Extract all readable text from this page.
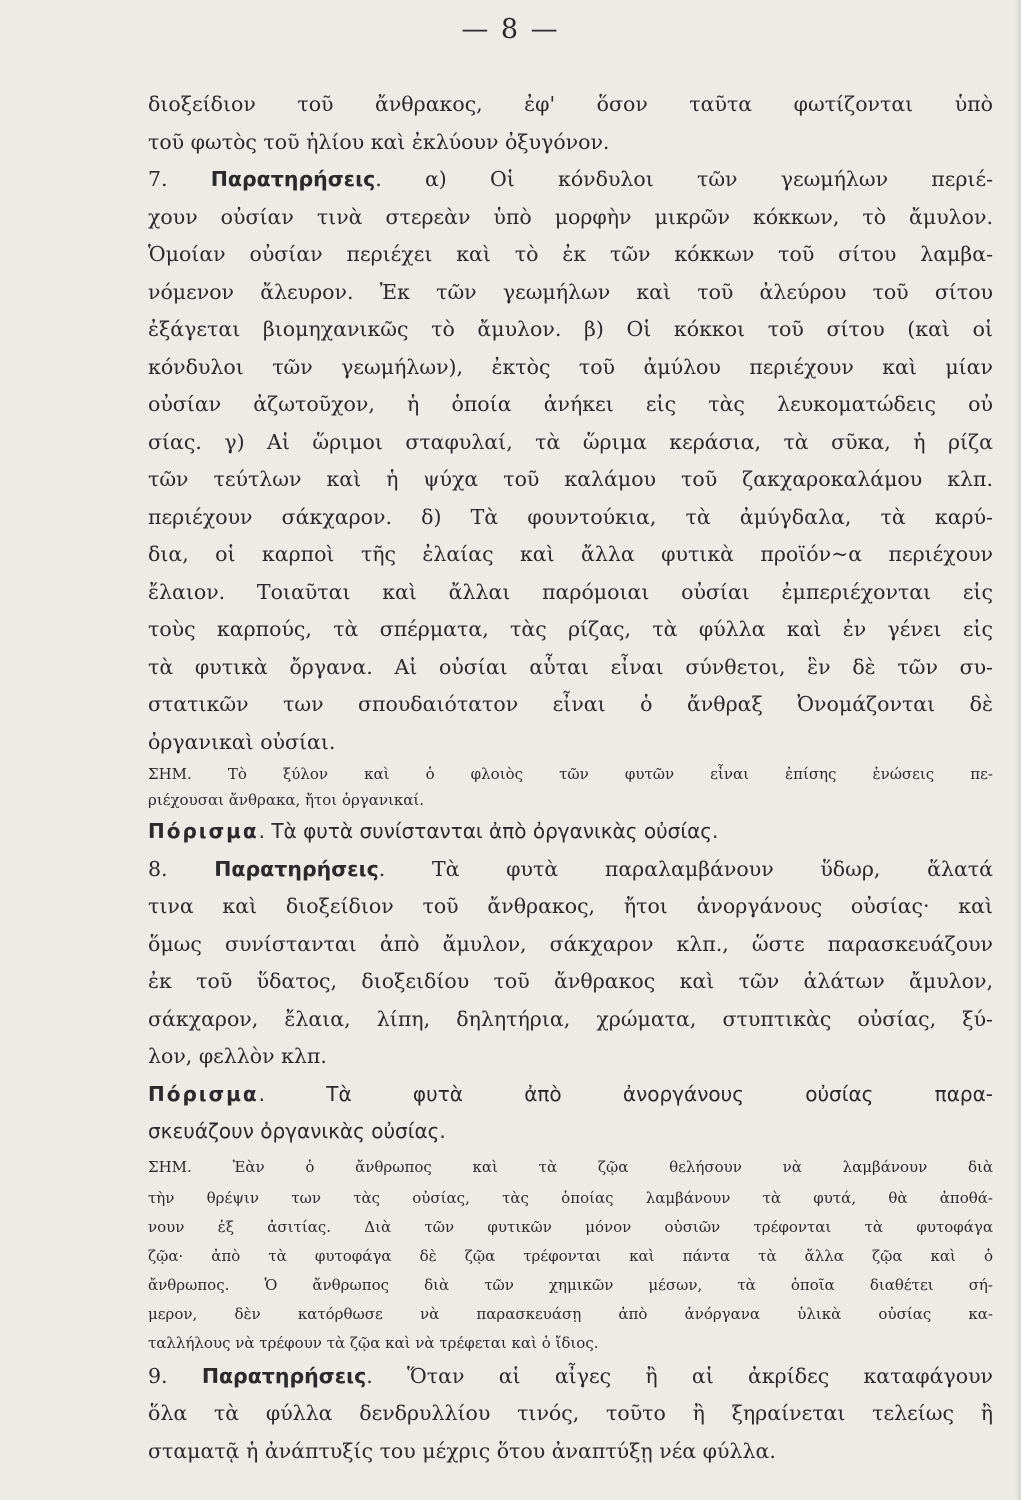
— 8 —
διοξείδιον τοῦ ἄνθρακος, ἐφ' ὅσον ταῦτα φωτίζονται ὑπὸ
τοῦ φωτὸς τοῦ ἡλίου καὶ ἐκλύουν ὀξυγόνον.
7. Παρατηρήσεις. α) Οἱ κόνδυλοι τῶν γεωμήλων περιέ-
χουν οὐσίαν τινὰ στερεὰν ὑπὸ μορφὴν μικρῶν κόκκων, τὸ ἄμυλον.
Ὁμοίαν οὐσίαν περιέχει καὶ τὸ ἐκ τῶν κόκκων τοῦ σίτου λαμβα-
νόμενον ἄλευρον. Ἐκ τῶν γεωμήλων καὶ τοῦ ἀλεύρου τοῦ σίτου
ἐξάγεται βιομηχανικῶς τὸ ἄμυλον. β) Οἱ κόκκοι τοῦ σίτου (καὶ οἱ
κόνδυλοι τῶν γεωμήλων), ἐκτὸς τοῦ ἀμύλου περιέχουν καὶ μίαν
οὐσίαν ἀζωτοῦχον, ἡ ὁποία ἀνήκει εἰς τὰς λευκοματώδεις οὐ
σίας. γ) Αἱ ὥριμοι σταφυλαί, τὰ ὥριμα κεράσια, τὰ σῦκα, ἡ ρίζα
τῶν τεύτλων καὶ ἡ ψύχα τοῦ καλάμου τοῦ ζακχαροκαλάμου κλπ.
περιέχουν σάκχαρον. δ) Τὰ φουντούκια, τὰ ἀμύγδαλα, τὰ καρύ-
δια, οἱ καρποὶ τῆς ἐλαίας καὶ ἄλλα φυτικὰ προϊόν~α περιέχουν
ἔλαιον. Τοιαῦται καὶ ἄλλαι παρόμοιαι οὐσίαι ἐμπεριέχονται εἰς
τοὺς καρπούς, τὰ σπέρματα, τὰς ρίζας, τὰ φύλλα καὶ ἐν γένει εἰς
τὰ φυτικὰ ὄργανα. Αἱ οὐσίαι αὗται εἶναι σύνθετοι, ἓν δὲ τῶν συ-
στατικῶν των σπουδαιότατον εἶναι ὁ ἄνθραξ Ὀνομάζονται δὲ
ὀργανικαὶ οὐσίαι.
ΣΗΜ. Τὸ ξύλον καὶ ὁ φλοιὸς τῶν φυτῶν εἶναι ἐπίσης ἑνώσεις πε-
ριέχουσαι ἄνθρακα, ἤτοι ὀργανικαί.
Πόρισμα. Τὰ φυτὰ συνίστανται ἀπὸ ὀργανικὰς οὐσίας.
8. Παρατηρήσεις. Τὰ φυτὰ παραλαμβάνουν ὕδωρ, ἅλατά
τινα καὶ διοξείδιον τοῦ ἄνθρακος, ἤτοι ἀνοργάνους οὐσίας· καὶ
ὅμως συνίστανται ἀπὸ ἄμυλον, σάκχαρον κλπ., ὥστε παρασκευάζουν
ἐκ τοῦ ὕδατος, διοξειδίου τοῦ ἄνθρακος καὶ τῶν ἁλάτων ἄμυλον,
σάκχαρον, ἔλαια, λίπη, δηλητήρια, χρώματα, στυπτικὰς οὐσίας, ξύ-
λον, φελλὸν κλπ.
Πόρισμα. Τὰ φυτὰ ἀπὸ ἀνοργάνους οὐσίας παρα-
σκευάζουν ὀργανικὰς οὐσίας.
ΣΗΜ. Ἐὰν ὁ ἄνθρωπος καὶ τὰ ζῷα θελήσουν νὰ λαμβάνουν διὰ
τὴν θρέψιν των τὰς οὐσίας, τὰς ὁποίας λαμβάνουν τὰ φυτά, θὰ ἀποθά-
νουν ἐξ ἀσιτίας. Διὰ τῶν φυτικῶν μόνον οὐσιῶν τρέφονται τὰ φυτοφάγα
ζῷα· ἀπὸ τὰ φυτοφάγα δὲ ζῷα τρέφονται καὶ πάντα τὰ ἄλλα ζῷα καὶ ὁ
ἄνθρωπος. Ὁ ἄνθρωπος διὰ τῶν χημικῶν μέσων, τὰ ὁποῖα διαθέτει σή-
μερον, δὲν κατόρθωσε νὰ παρασκευάσῃ ἀπὸ ἀνόργανα ὑλικὰ οὐσίας κα-
ταλλήλους νὰ τρέφουν τὰ ζῷα καὶ νὰ τρέφεται καὶ ὁ ἴδιος.
9. Παρατηρήσεις. Ὅταν αἱ αἶγες ἢ αἱ ἀκρίδες καταφάγουν
ὅλα τὰ φύλλα δενδρυλλίου τινός, τοῦτο ἢ ξηραίνεται τελείως ἢ
σταματᾷ ἡ ἀνάπτυξίς του μέχρις ὅτου ἀναπτύξῃ νέα φύλλα.
